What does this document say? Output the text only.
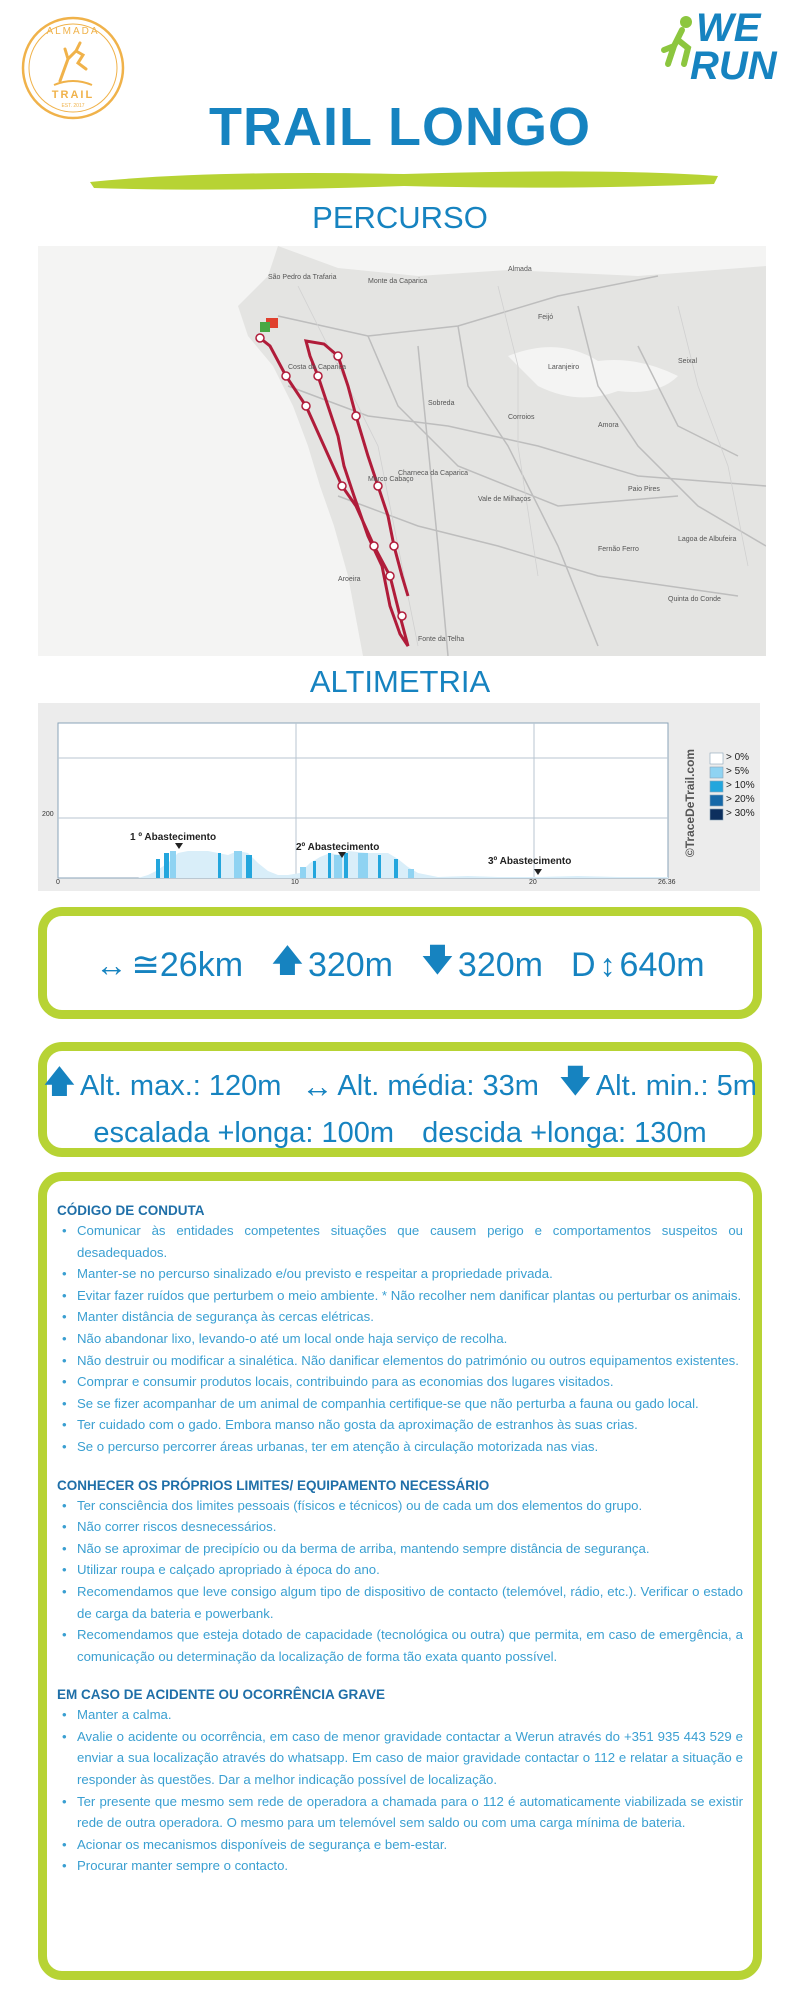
ALMADA
TRAIL
EST. 2017
WE
RUN
TRAIL LONGO
PERCURSO
São Pedro da Trafaria
Monte da Caparica
Almada
Feijó
Laranjeiro
Seixal
Amora
Corroios
Costa da Caparica
Charneca da Caparica
Quinta do Conde
Fonte da Telha
Sobreda
Marco Cabaço
Vale de Milhaços
Paio Pires
Fernão Ferro
Aroeira
Lagoa de Albufeira
ALTIMETRIA
200
0	10	20	26.36
1 º Abastecimento
2º Abastecimento
3º Abastecimento
©TraceDeTrail.com	> 0%
> 5%
> 10%
> 20%
> 30%
↔ ≅26km 🡅 320m 🡇 320m D ↕ 640m
🡅 Alt. max.: 120m ↔ Alt. média: 33m 🡇 Alt. min.: 5m
escalada +longa: 100m descida +longa: 130m
CÓDIGO DE CONDUTA
• Comunicar às entidades competentes situações que causem perigo e comportamentos suspeitos ou desadequados.
• Manter-se no percurso sinalizado e/ou previsto e respeitar a propriedade privada.
• Evitar fazer ruídos que perturbem o meio ambiente. * Não recolher nem danificar plantas ou perturbar os animais.
• Manter distância de segurança às cercas elétricas.
• Não abandonar lixo, levando-o até um local onde haja serviço de recolha.
• Não destruir ou modificar a sinalética. Não danificar elementos do património ou outros equipamentos existentes.
• Comprar e consumir produtos locais, contribuindo para as economias dos lugares visitados.
• Se se fizer acompanhar de um animal de companhia certifique-se que não perturba a fauna ou gado local.
• Ter cuidado com o gado. Embora manso não gosta da aproximação de estranhos às suas crias.
• Se o percurso percorrer áreas urbanas, ter em atenção à circulação motorizada nas vias.
CONHECER OS PRÓPRIOS LIMITES/ EQUIPAMENTO NECESSÁRIO
• Ter consciência dos limites pessoais (físicos e técnicos) ou de cada um dos elementos do grupo.
• Não correr riscos desnecessários.
• Não se aproximar de precipício ou da berma de arriba, mantendo sempre distância de segurança.
• Utilizar roupa e calçado apropriado à época do ano.
• Recomendamos que leve consigo algum tipo de dispositivo de contacto (telemóvel, rádio, etc.). Verificar o estado de carga da bateria e powerbank.
• Recomendamos que esteja dotado de capacidade (tecnológica ou outra) que permita, em caso de emergência, a comunicação ou determinação da localização de forma tão exata quanto possível.
EM CASO DE ACIDENTE OU OCORRÊNCIA GRAVE
• Manter a calma.
• Avalie o acidente ou ocorrência, em caso de menor gravidade contactar a Werun através do +351 935 443 529 e enviar a sua localização através do whatsapp. Em caso de maior gravidade contactar o 112 e relatar a situação e responder às questões. Dar a melhor indicação possível de localização.
• Ter presente que mesmo sem rede de operadora a chamada para o 112 é automaticamente viabilizada se existir rede de outra operadora. O mesmo para um telemóvel sem saldo ou com uma carga mínima de bateria.
• Acionar os mecanismos disponíveis de segurança e bem-estar.
• Procurar manter sempre o contacto.
